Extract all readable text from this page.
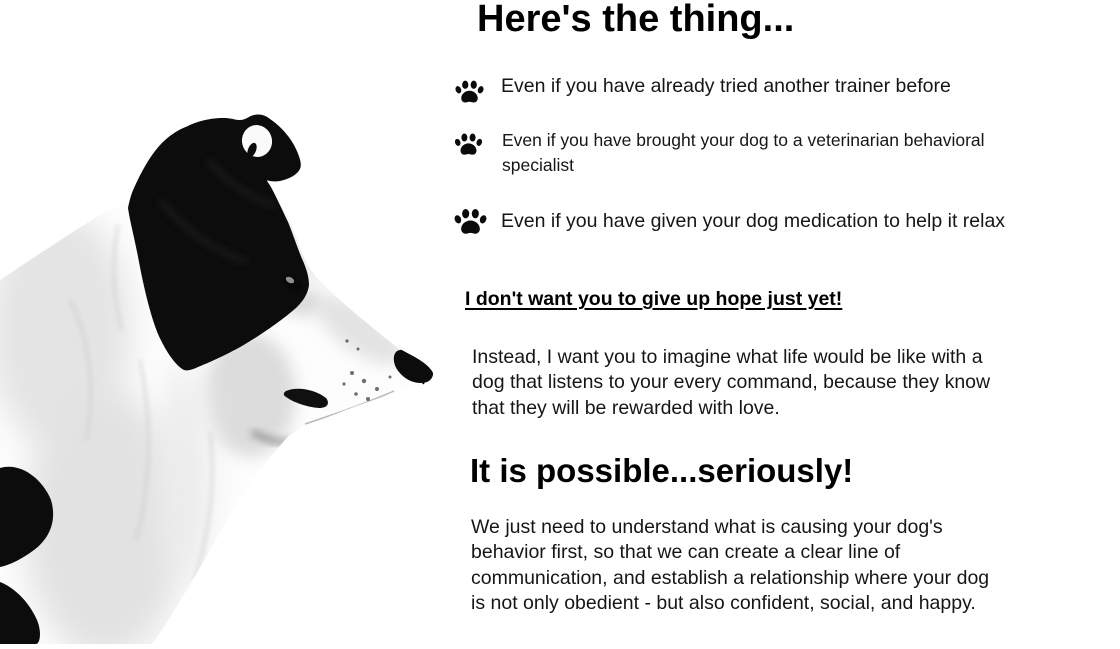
Here's the thing...
Even if you have already tried another trainer before
Even if you have brought your dog to a veterinarian behavioral
specialist
Even if you have given your dog medication to help it relax
I don't want you to give up hope just yet!
Instead, I want you to imagine what life would be like with a
dog that listens to your every command, because they know
that they will be rewarded with love.
It is possible...seriously!
We just need to understand what is causing your dog's
behavior first, so that we can create a clear line of
communication, and establish a relationship where your dog
is not only obedient - but also confident, social, and happy.
